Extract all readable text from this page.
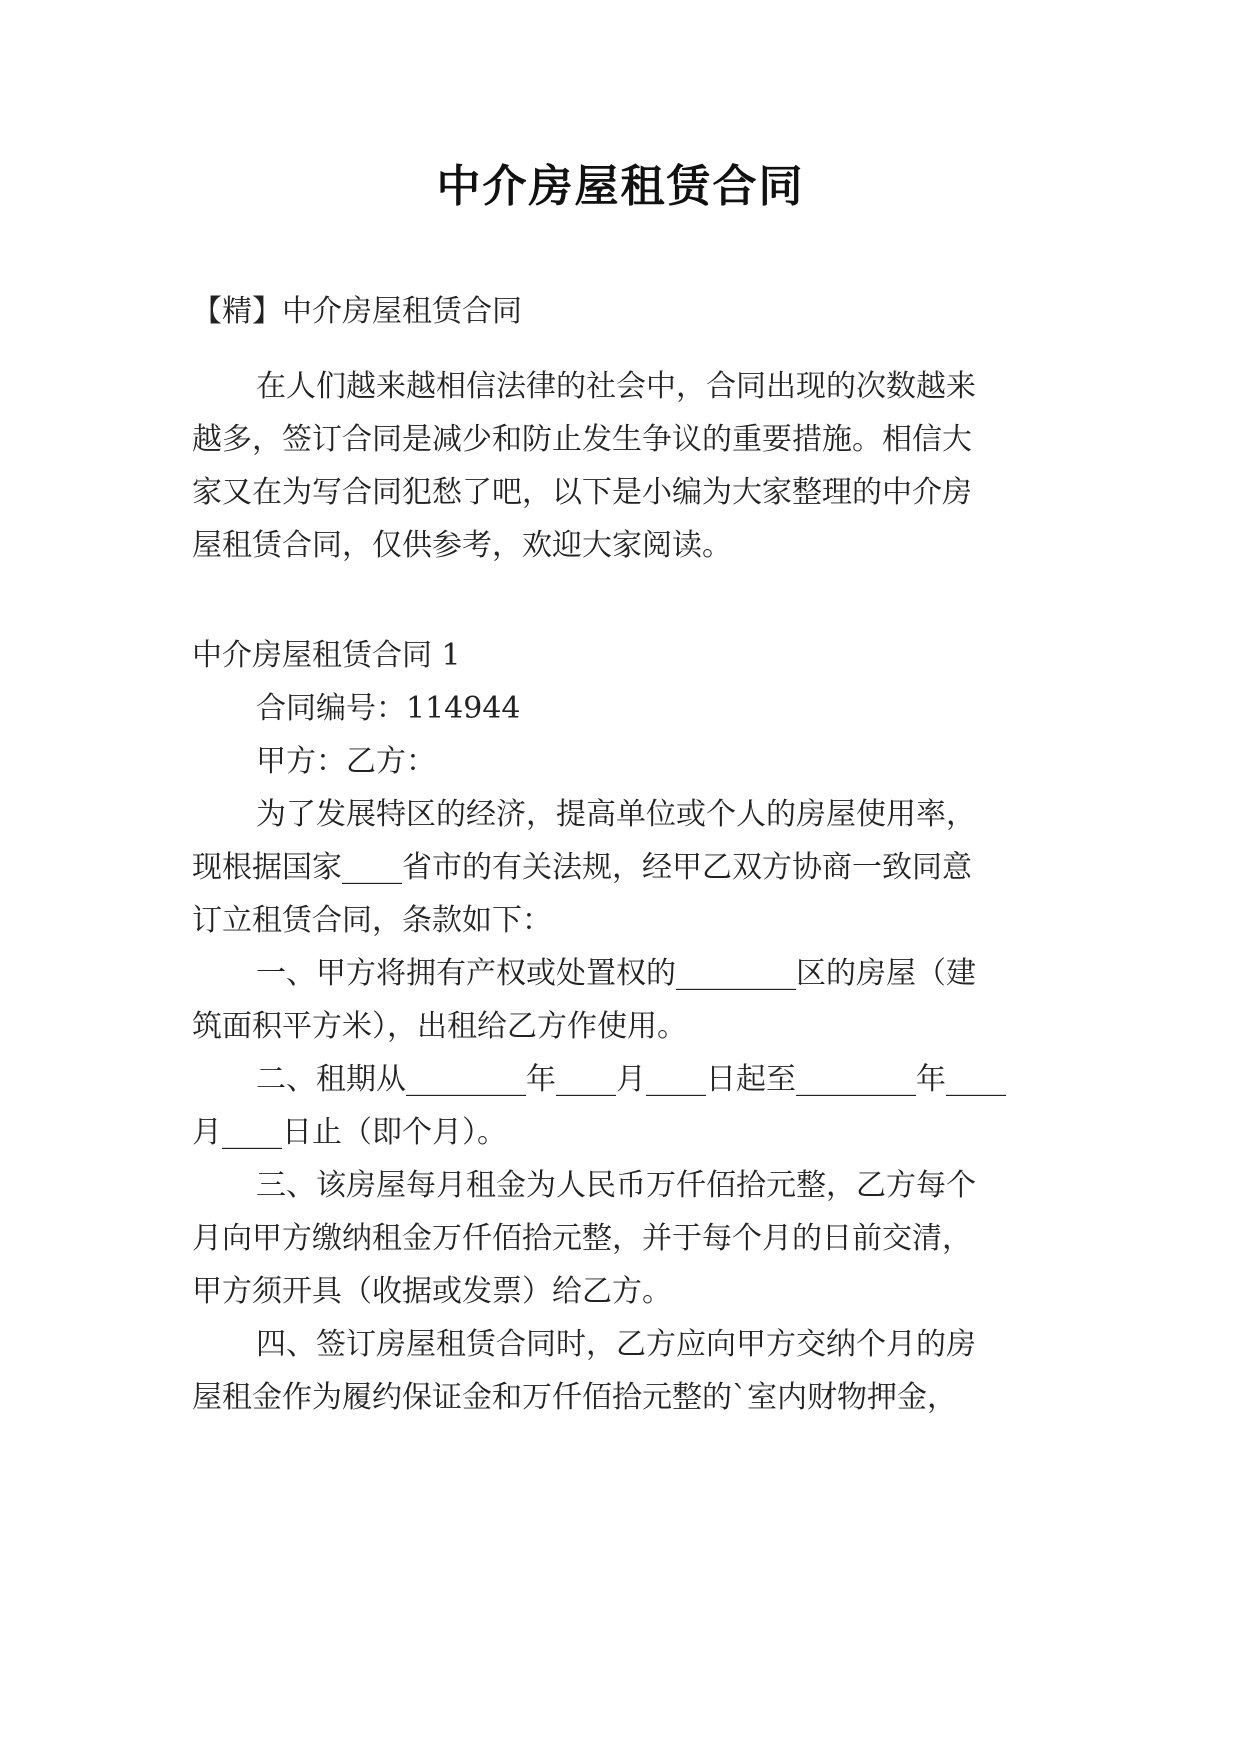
中介房屋租赁合同
【精】中介房屋租赁合同
在人们越来越相信法律的社会中，合同出现的次数越来
越多，签订合同是减少和防止发生争议的重要措施。相信大
家又在为写合同犯愁了吧，以下是小编为大家整理的中介房
屋租赁合同，仅供参考，欢迎大家阅读。
中介房屋租赁合同 1
合同编号：114944
甲方：乙方：
为了发展特区的经济，提高单位或个人的房屋使用率，
现根据国家____省市的有关法规，经甲乙双方协商一致同意
订立租赁合同，条款如下：
一、甲方将拥有产权或处置权的________区的房屋（建
筑面积平方米），出租给乙方作使用。
二、租期从________年____月____日起至________年____
月____日止（即个月）。
三、该房屋每月租金为人民币万仟佰拾元整，乙方每个
月向甲方缴纳租金万仟佰拾元整，并于每个月的日前交清，
甲方须开具（收据或发票）给乙方。
四、签订房屋租赁合同时，乙方应向甲方交纳个月的房
屋租金作为履约保证金和万仟佰拾元整的`室内财物押金，
